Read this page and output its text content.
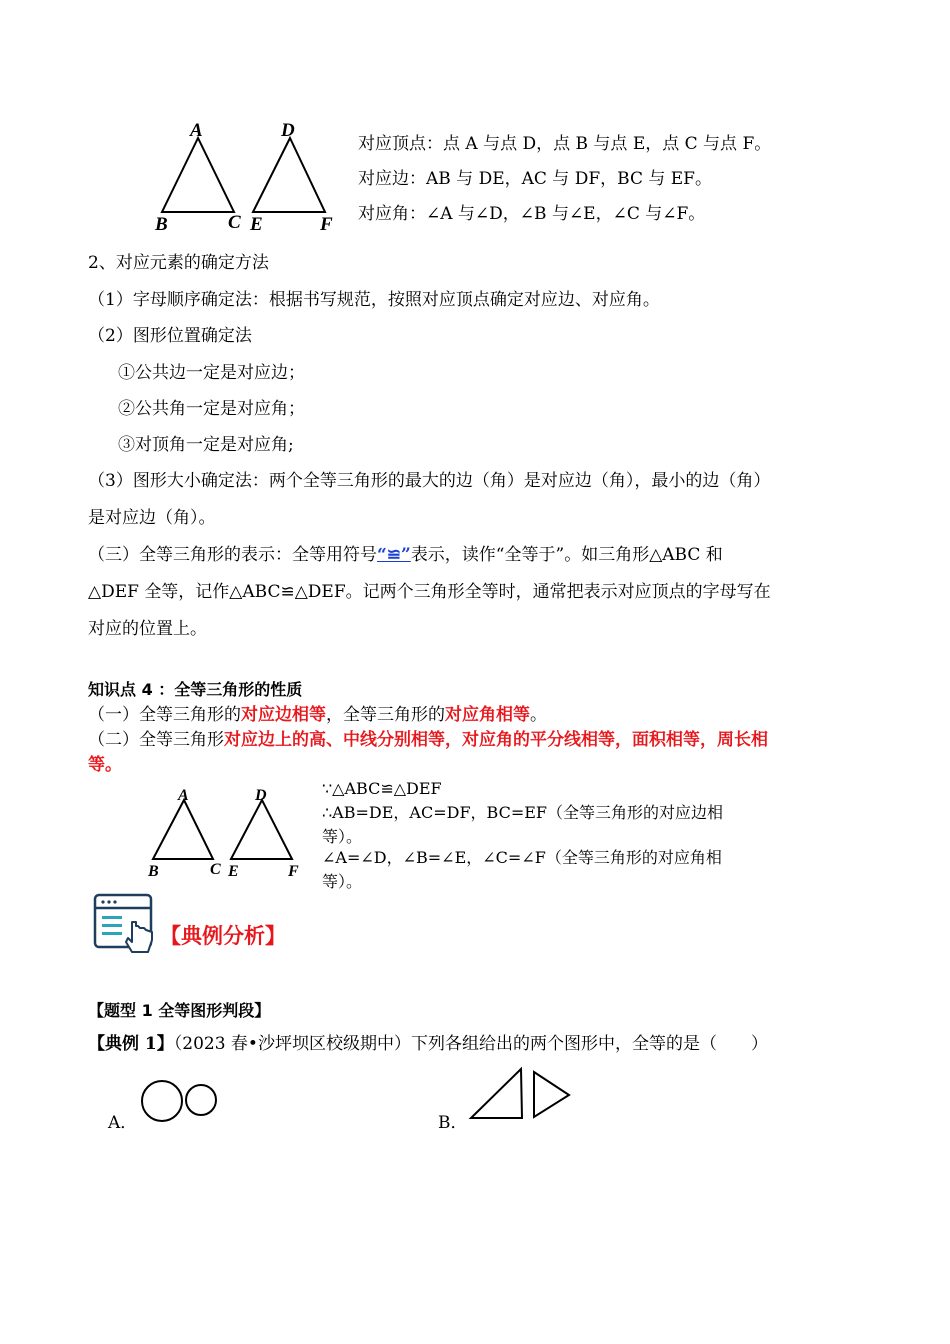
A
B	C
D
E	F
对应顶点：点 A 与点 D，点 B 与点 E，点 C 与点 F。
对应边：AB 与 DE，AC 与 DF，BC 与 EF。
对应角：∠A 与∠D，∠B 与∠E，∠C 与∠F。
2、对应元素的确定方法
（1）字母顺序确定法：根据书写规范，按照对应顶点确定对应边、对应角。
（2）图形位置确定法
①公共边一定是对应边；
②公共角一定是对应角；
③对顶角一定是对应角;
（3）图形大小确定法：两个全等三角形的最大的边（角）是对应边（角），最小的边（角）
是对应边（角）。
（三）全等三角形的表示：全等用符号“≌”表示，读作“全等于”。如三角形△ABC 和
△DEF 全等，记作△ABC≌△DEF。记两个三角形全等时，通常把表示对应顶点的字母写在
对应的位置上。
知识点 4 ：全等三角形的性质
（一）全等三角形的对应边相等，全等三角形的对应角相等。
（二）全等三角形对应边上的高、中线分别相等，对应角的平分线相等，面积相等，周长相
等。
A
B	C
D
E	F
∵△ABC≌△DEF
∴AB=DE，AC=DF，BC=EF（全等三角形的对应边相
等）。
∠A=∠D，∠B=∠E，∠C=∠F（全等三角形的对应角相
等）。
【典例分析】
【题型 1 全等图形判段】
【典例 1】（2023 春•沙坪坝区校级期中）下列各组给出的两个图形中，全等的是（　　）
A．	B．
